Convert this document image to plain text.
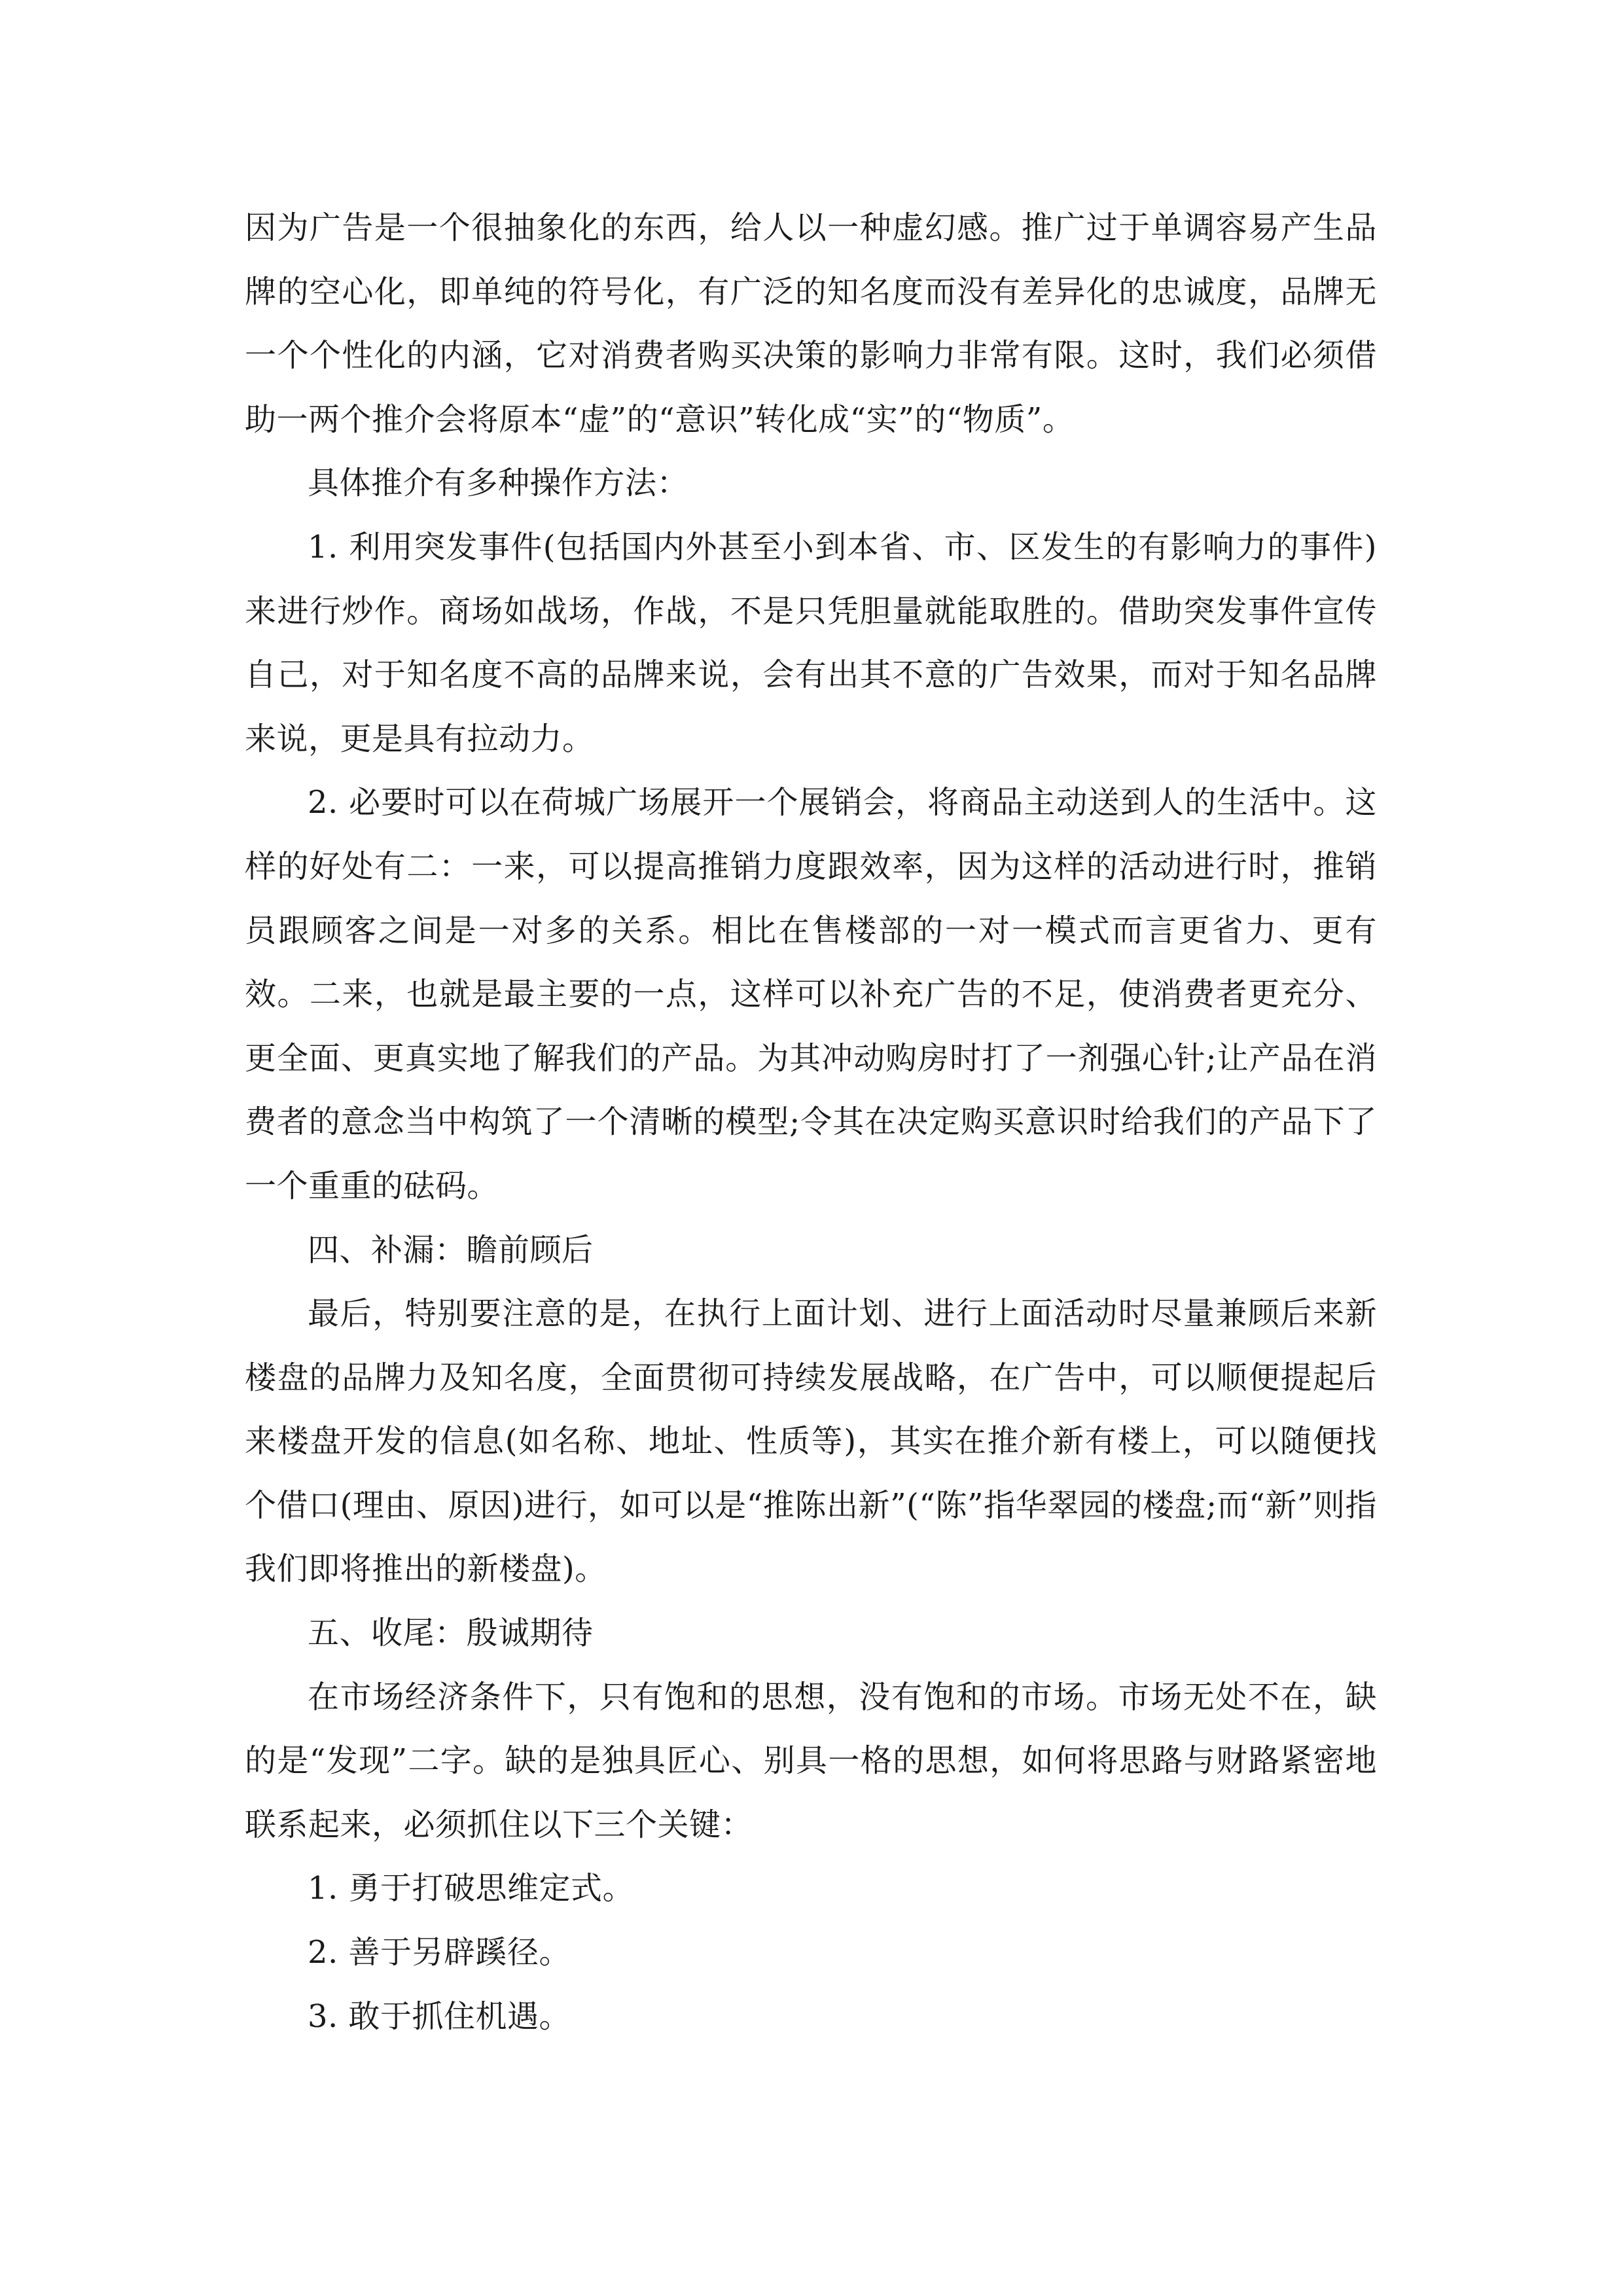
因为广告是一个很抽象化的东西，给人以一种虚幻感。推广过于单调容易产生品牌的空心化，即单纯的符号化，有广泛的知名度而没有差异化的忠诚度，品牌无一个个性化的内涵，它对消费者购买决策的影响力非常有限。这时，我们必须借助一两个推介会将原本“虚”的“意识”转化成“实”的“物质”。

具体推介有多种操作方法：

1. 利用突发事件(包括国内外甚至小到本省、市、区发生的有影响力的事件)来进行炒作。商场如战场，作战，不是只凭胆量就能取胜的。借助突发事件宣传自己，对于知名度不高的品牌来说，会有出其不意的广告效果，而对于知名品牌来说，更是具有拉动力。

2. 必要时可以在荷城广场展开一个展销会，将商品主动送到人的生活中。这样的好处有二：一来，可以提高推销力度跟效率，因为这样的活动进行时，推销员跟顾客之间是一对多的关系。相比在售楼部的一对一模式而言更省力、更有效。二来，也就是最主要的一点，这样可以补充广告的不足，使消费者更充分、更全面、更真实地了解我们的产品。为其冲动购房时打了一剂强心针;让产品在消费者的意念当中构筑了一个清晰的模型;令其在决定购买意识时给我们的产品下了一个重重的砝码。

四、补漏：瞻前顾后

最后，特别要注意的是，在执行上面计划、进行上面活动时尽量兼顾后来新楼盘的品牌力及知名度，全面贯彻可持续发展战略，在广告中，可以顺便提起后来楼盘开发的信息(如名称、地址、性质等)，其实在推介新有楼上，可以随便找个借口(理由、原因)进行，如可以是“推陈出新”(“陈”指华翠园的楼盘;而“新”则指我们即将推出的新楼盘)。

五、收尾：殷诚期待

在市场经济条件下，只有饱和的思想，没有饱和的市场。市场无处不在，缺的是“发现”二字。缺的是独具匠心、别具一格的思想，如何将思路与财路紧密地联系起来，必须抓住以下三个关键：

1. 勇于打破思维定式。

2. 善于另辟蹊径。

3. 敢于抓住机遇。
